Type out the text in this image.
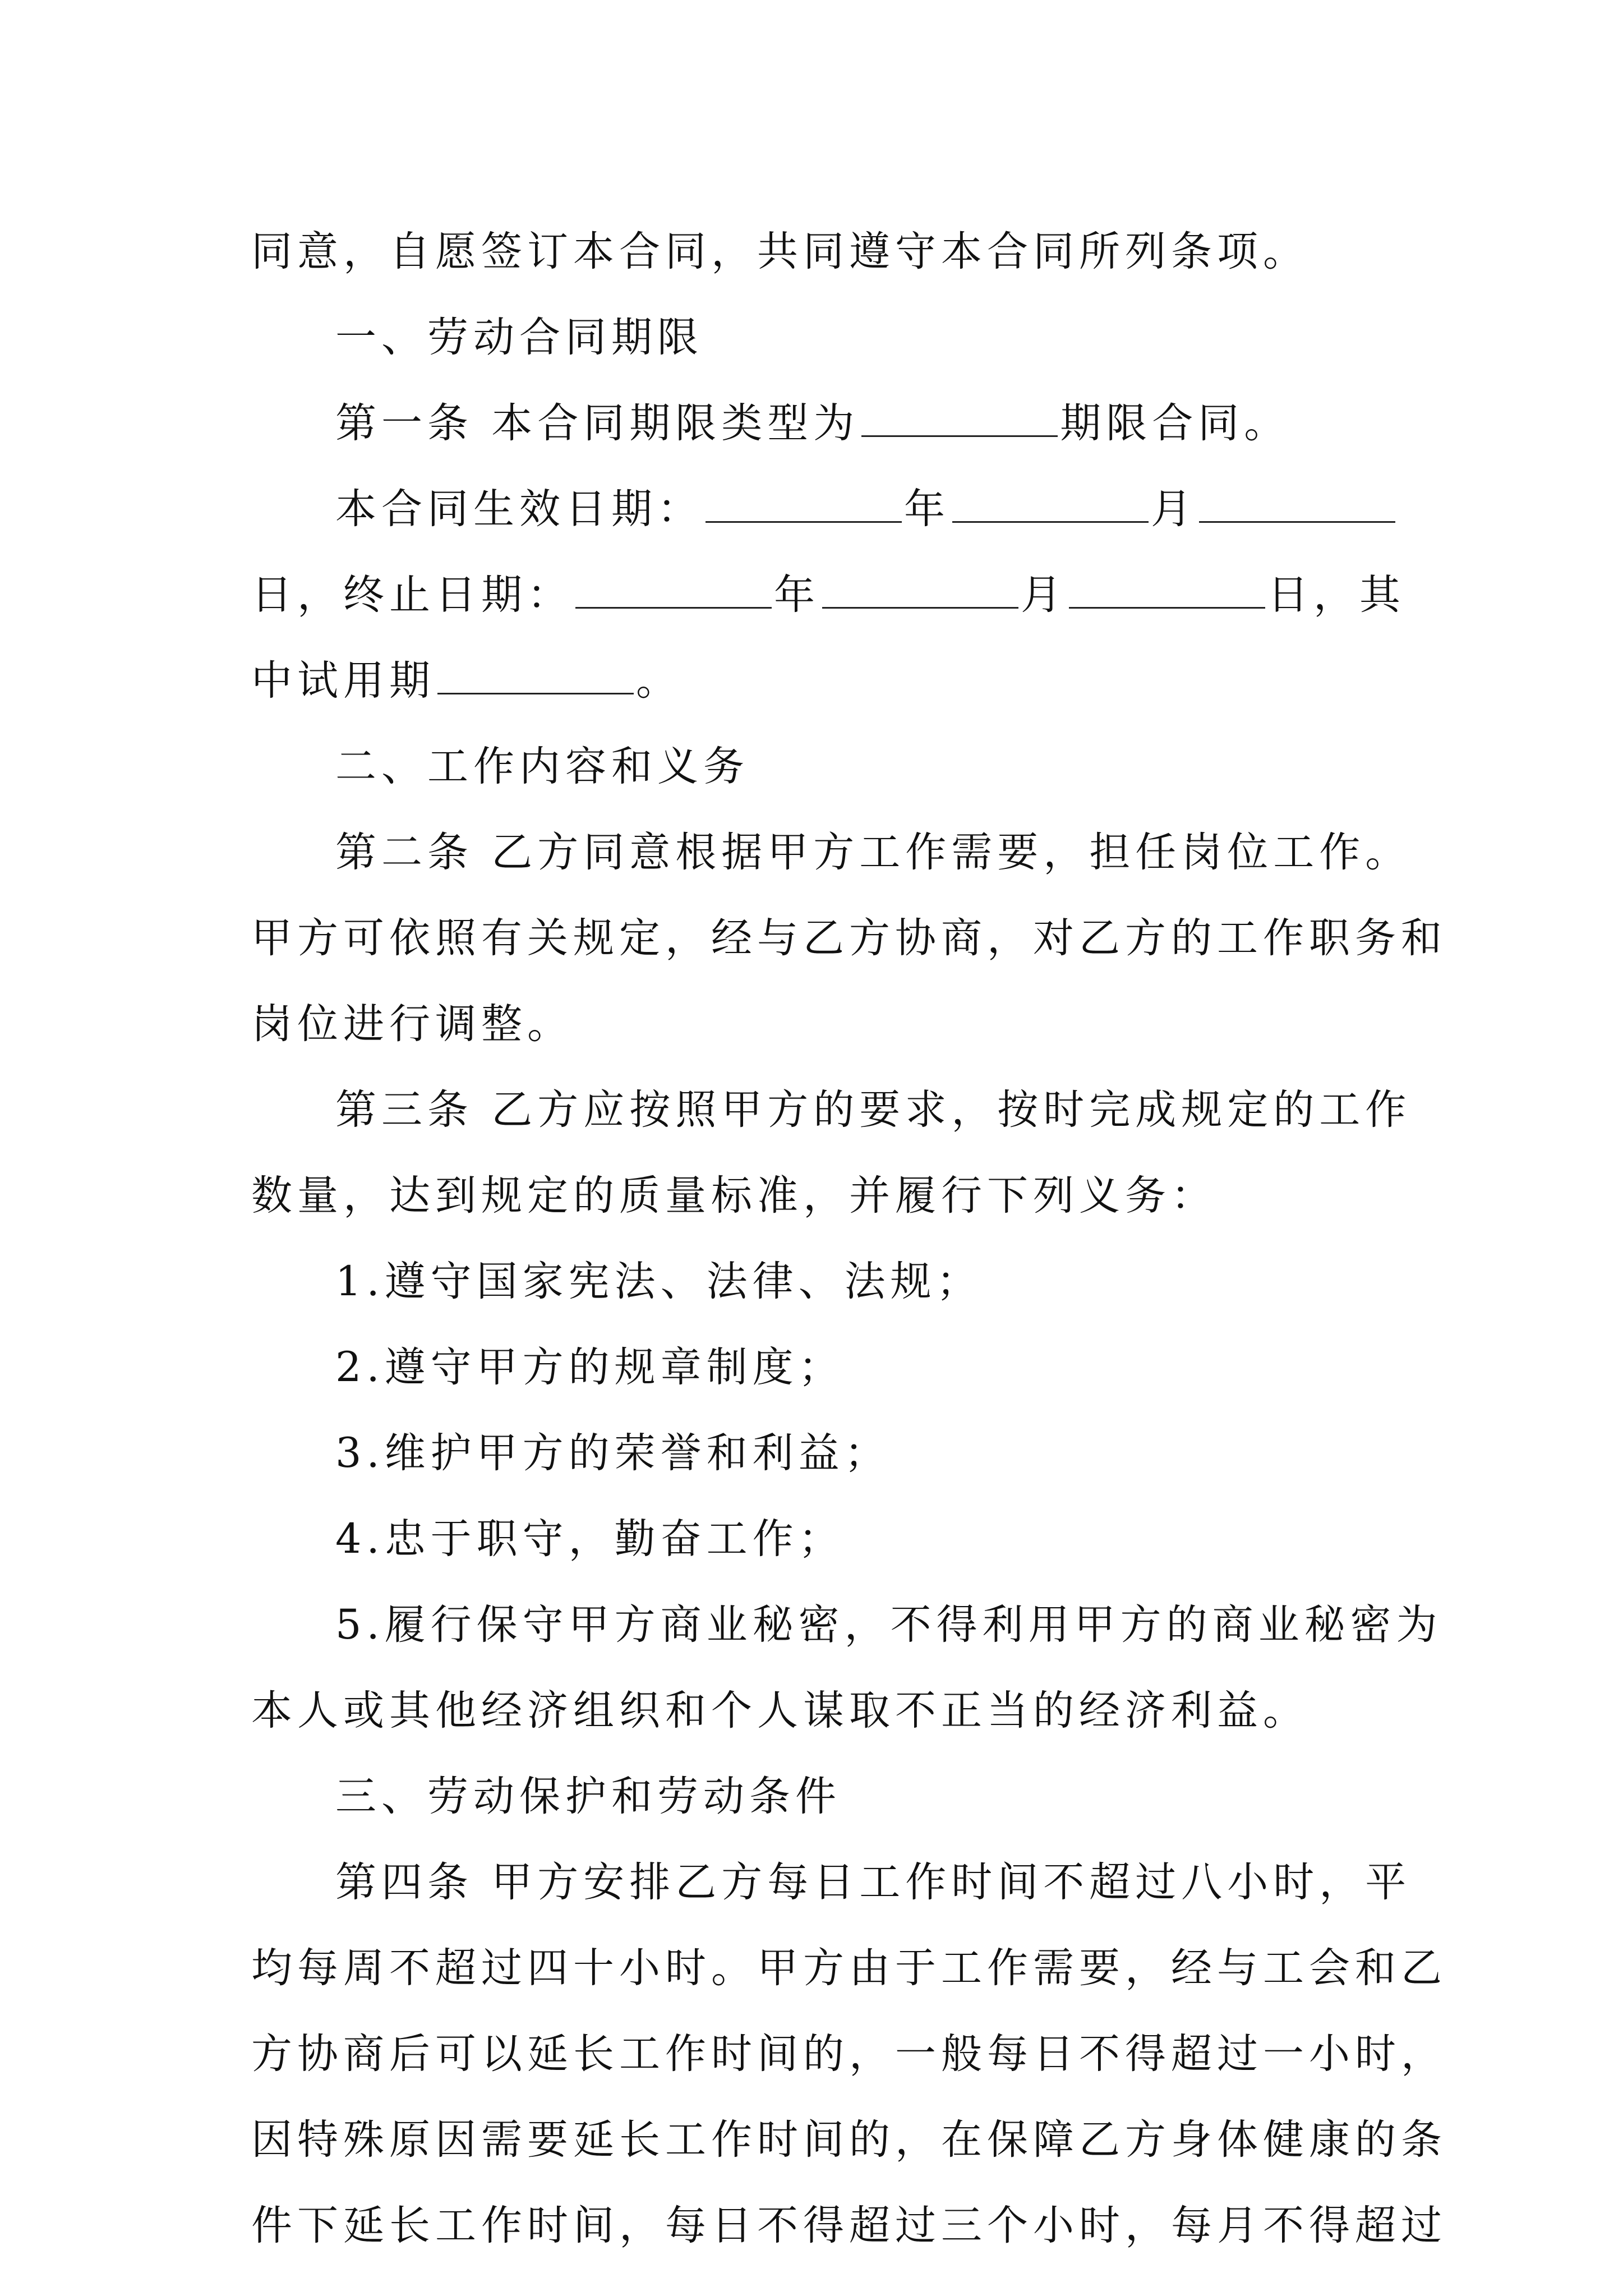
同意，自愿签订本合同，共同遵守本合同所列条项。
一、劳动合同期限
第一条 本合同期限类型为	期限合同。
本合同生效日期：	年	月
日，终止日期：	年	月	日，其
中试用期	。
二、工作内容和义务
第二条 乙方同意根据甲方工作需要，担任岗位工作。
甲方可依照有关规定，经与乙方协商，对乙方的工作职务和
岗位进行调整。
第三条 乙方应按照甲方的要求，按时完成规定的工作
数量，达到规定的质量标准，并履行下列义务：
1.遵守国家宪法、法律、法规；
2.遵守甲方的规章制度；
3.维护甲方的荣誉和利益；
4.忠于职守，勤奋工作；
5.履行保守甲方商业秘密，不得利用甲方的商业秘密为
本人或其他经济组织和个人谋取不正当的经济利益。
三、劳动保护和劳动条件
第四条 甲方安排乙方每日工作时间不超过八小时，平
均每周不超过四十小时。甲方由于工作需要，经与工会和乙
方协商后可以延长工作时间的，一般每日不得超过一小时，
因特殊原因需要延长工作时间的，在保障乙方身体健康的条
件下延长工作时间，每日不得超过三个小时，每月不得超过
